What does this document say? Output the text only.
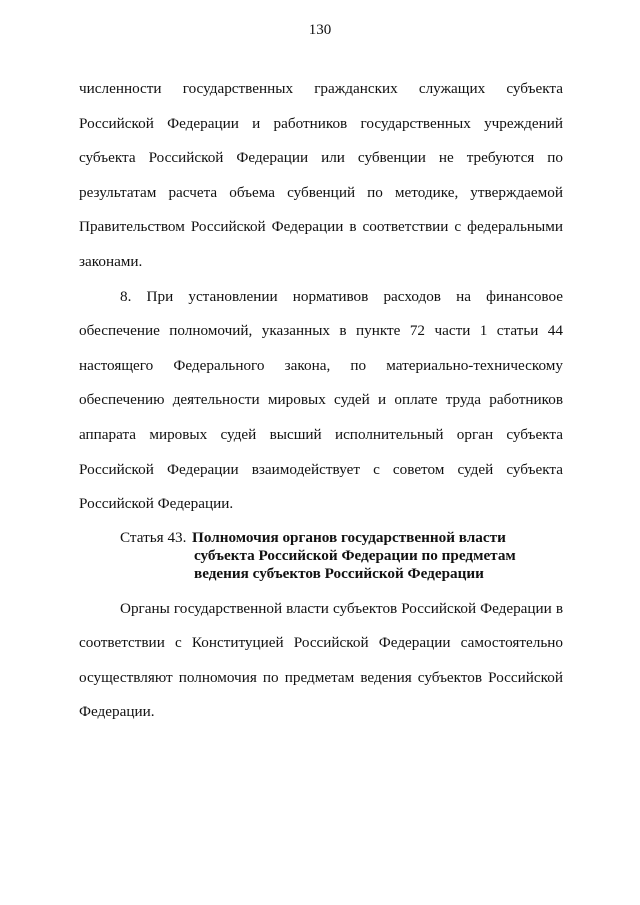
130
численности государственных гражданских служащих субъекта
Российской Федерации и работников государственных учреждений
субъекта Российской Федерации или субвенции не требуются по
результатам расчета объема субвенций по методике, утверждаемой
Правительством Российской Федерации в соответствии с федеральными
законами.
8. При установлении нормативов расходов на финансовое
обеспечение полномочий, указанных в пункте 72 части 1 статьи 44
настоящего Федерального закона, по материально-техническому
обеспечению деятельности мировых судей и оплате труда работников
аппарата мировых судей высший исполнительный орган субъекта
Российской Федерации взаимодействует с советом судей субъекта
Российской Федерации.
Статья 43. Полномочия органов государственной власти
субъекта Российской Федерации по предметам
ведения субъектов Российской Федерации
Органы государственной власти субъектов Российской Федерации в
соответствии с Конституцией Российской Федерации самостоятельно
осуществляют полномочия по предметам ведения субъектов Российской
Федерации.
